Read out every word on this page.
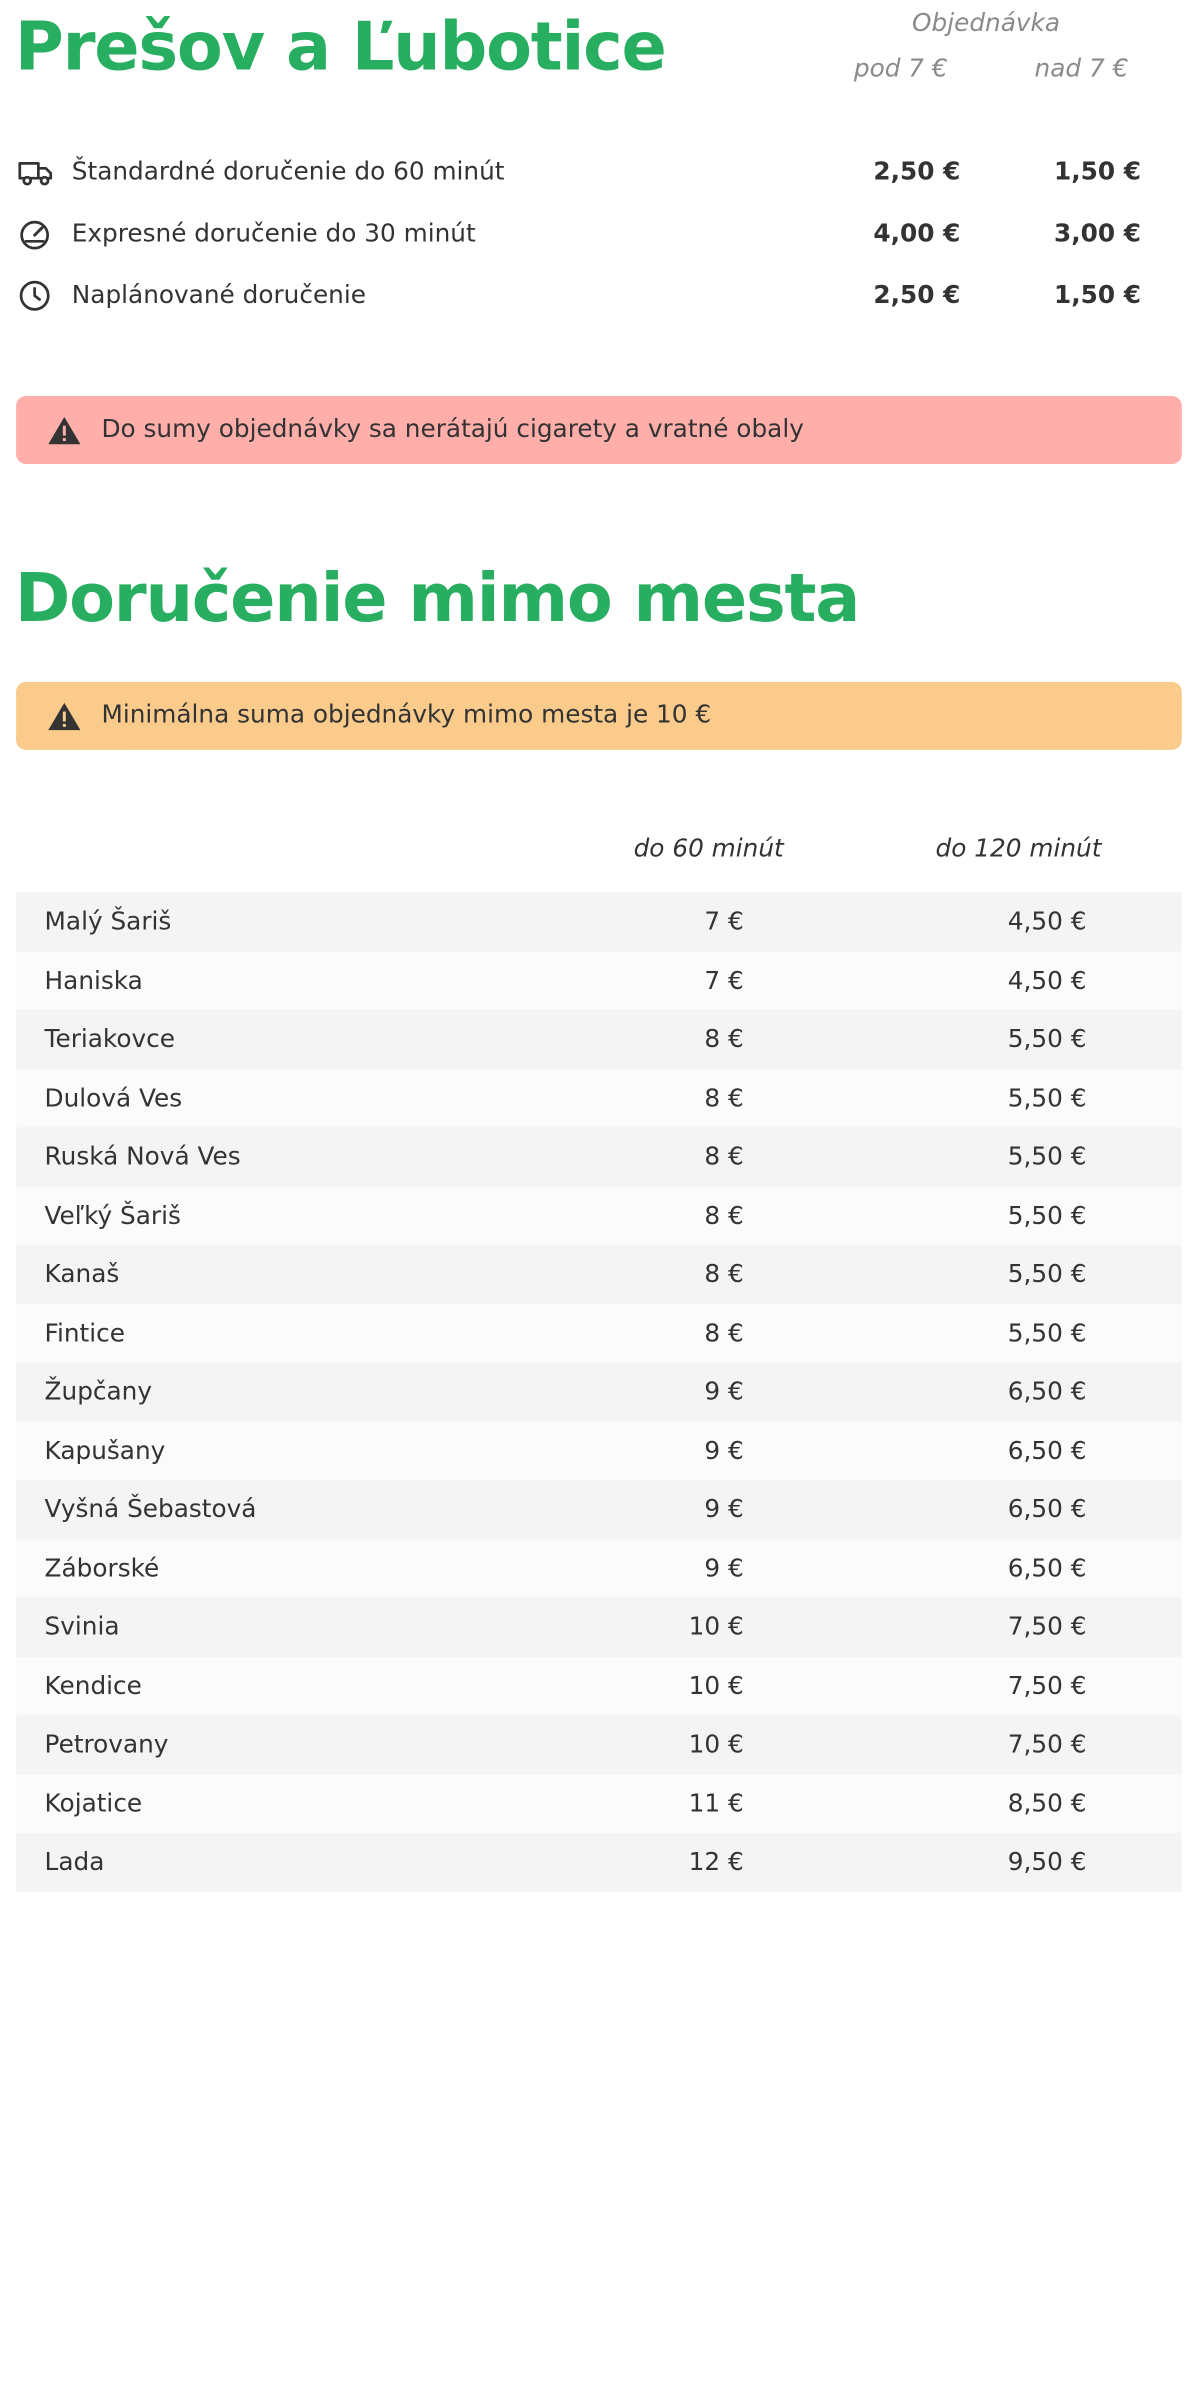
Prešov a Ľubotice	Objednávka
pod 7 €	nad 7 €
Štandardné doručenie do 60 minút	2,50 €	1,50 €
Expresné doručenie do 30 minút	4,00 €	3,00 €
Naplánované doručenie	2,50 €	1,50 €
Do sumy objednávky sa nerátajú cigarety a vratné obaly
Doručenie mimo mesta
Minimálna suma objednávky mimo mesta je 10 €
do 60 minút	do 120 minút
Malý Šariš	7 €	4,50 €
Haniska	7 €	4,50 €
Teriakovce	8 €	5,50 €
Dulová Ves	8 €	5,50 €
Ruská Nová Ves	8 €	5,50 €
Veľký Šariš	8 €	5,50 €
Kanaš	8 €	5,50 €
Fintice	8 €	5,50 €
Župčany	9 €	6,50 €
Kapušany	9 €	6,50 €
Vyšná Šebastová	9 €	6,50 €
Záborské	9 €	6,50 €
Svinia	10 €	7,50 €
Kendice	10 €	7,50 €
Petrovany	10 €	7,50 €
Kojatice	11 €	8,50 €
Lada	12 €	9,50 €
